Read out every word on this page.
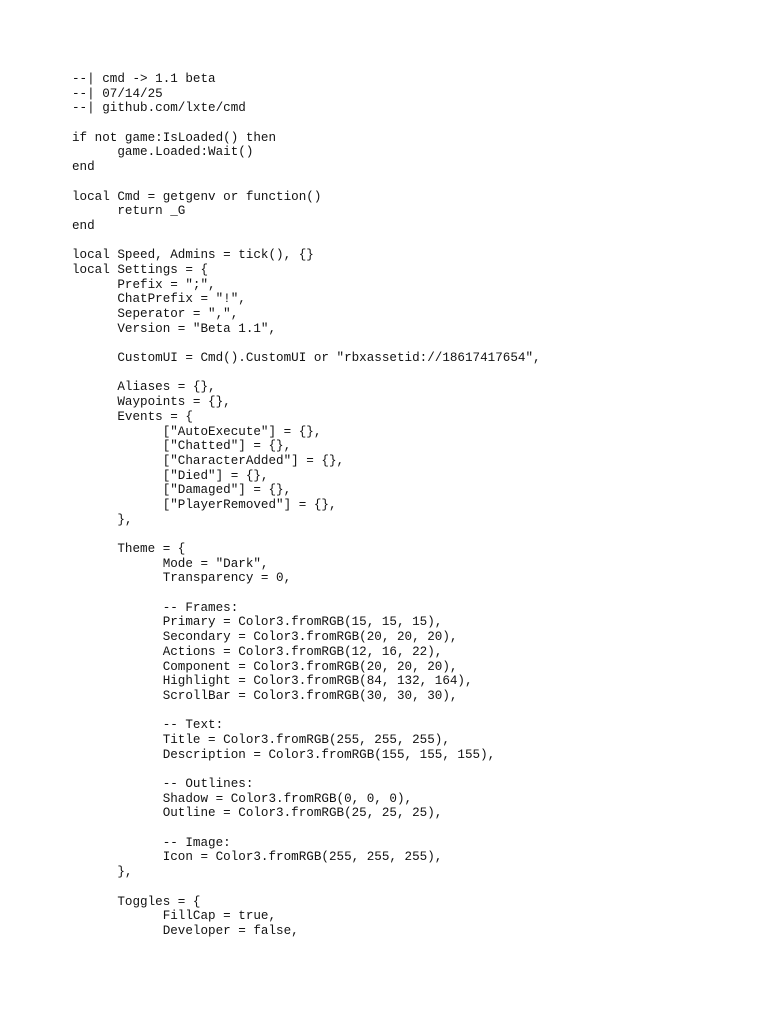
--| cmd -> 1.1 beta
--| 07/14/25
--| github.com/lxte/cmd
if not game:IsLoaded() then
game.Loaded:Wait()
end
local Cmd = getgenv or function()
return _G
end
local Speed, Admins = tick(), {}
local Settings = {
Prefix = ";",
ChatPrefix = "!",
Seperator = ",",
Version = "Beta 1.1",
CustomUI = Cmd().CustomUI or "rbxassetid://18617417654",
Aliases = {},
Waypoints = {},
Events = {
["AutoExecute"] = {},
["Chatted"] = {},
["CharacterAdded"] = {},
["Died"] = {},
["Damaged"] = {},
["PlayerRemoved"] = {},
},
Theme = {
Mode = "Dark",
Transparency = 0,
-- Frames:
Primary = Color3.fromRGB(15, 15, 15),
Secondary = Color3.fromRGB(20, 20, 20),
Actions = Color3.fromRGB(12, 16, 22),
Component = Color3.fromRGB(20, 20, 20),
Highlight = Color3.fromRGB(84, 132, 164),
ScrollBar = Color3.fromRGB(30, 30, 30),
-- Text:
Title = Color3.fromRGB(255, 255, 255),
Description = Color3.fromRGB(155, 155, 155),
-- Outlines:
Shadow = Color3.fromRGB(0, 0, 0),
Outline = Color3.fromRGB(25, 25, 25),
-- Image:
Icon = Color3.fromRGB(255, 255, 255),
},
Toggles = {
FillCap = true,
Developer = false,
